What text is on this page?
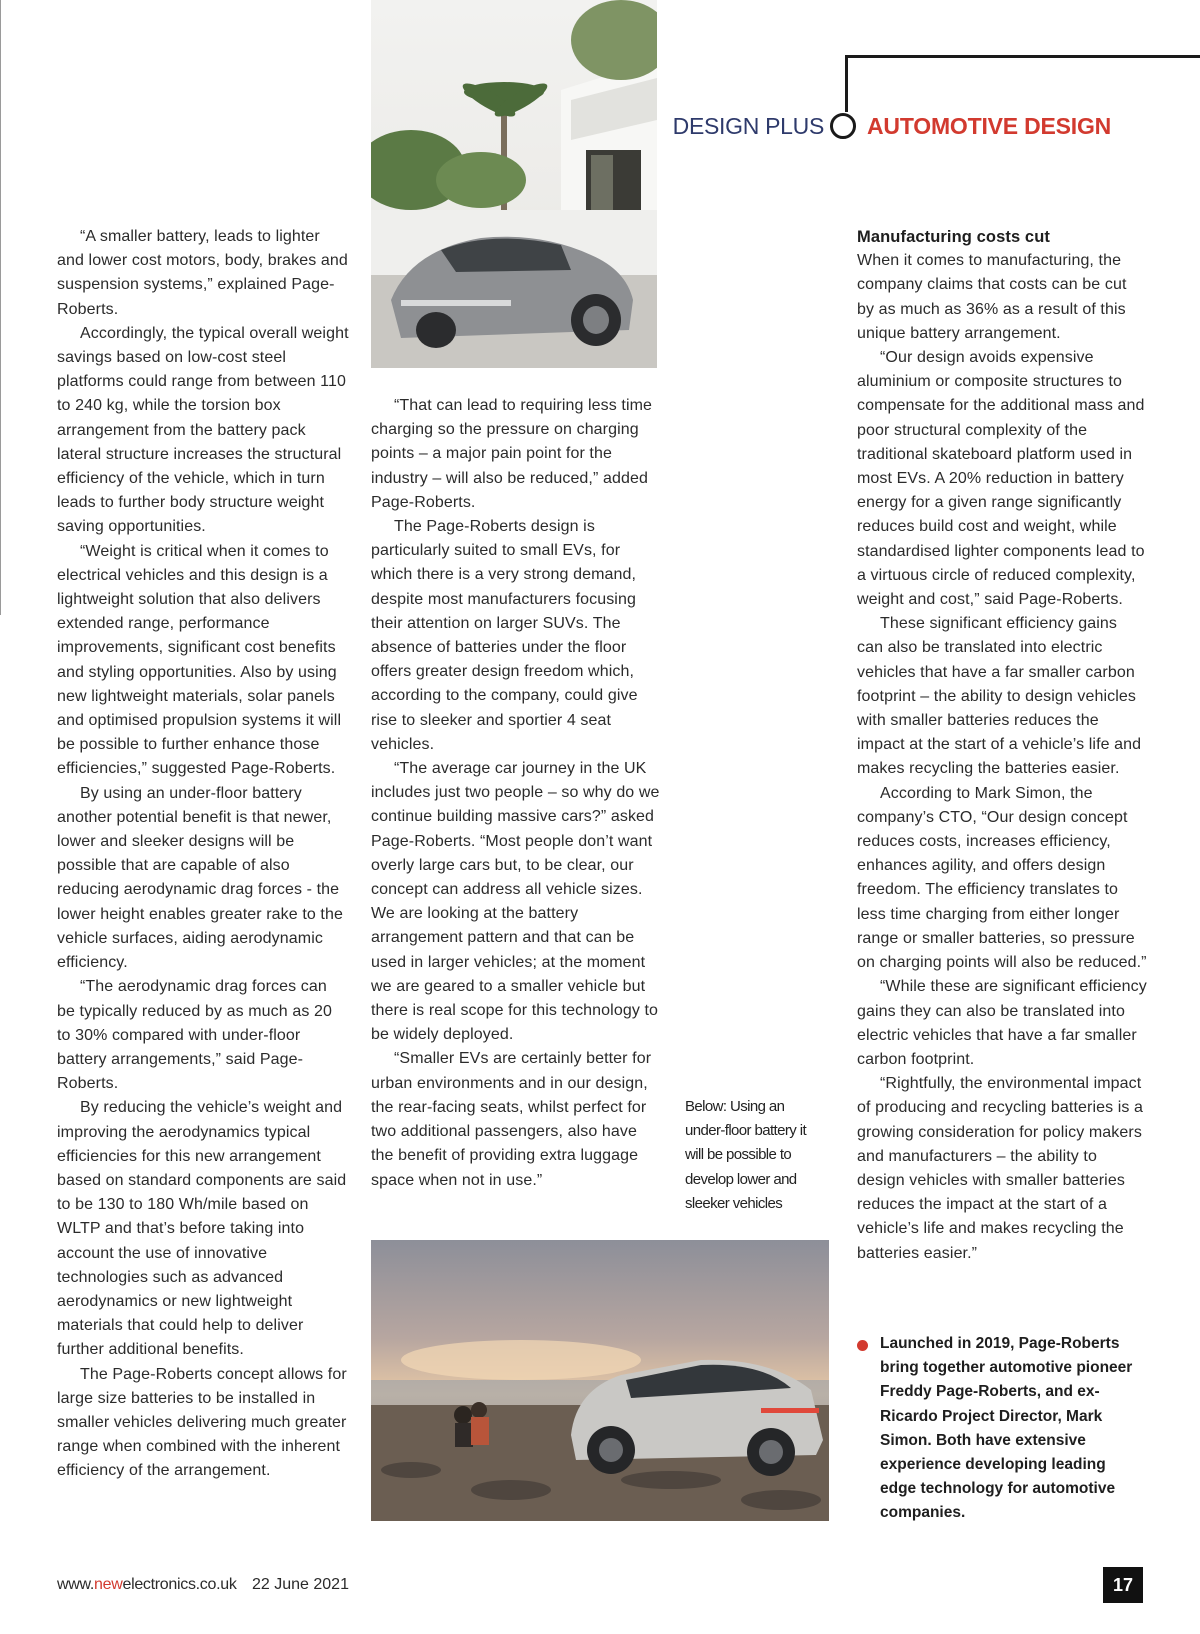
DESIGN PLUS AUTOMOTIVE DESIGN

“A smaller battery, leads to lighter and lower cost motors, body, brakes and suspension systems,” explained Page-Roberts.

Accordingly, the typical overall weight savings based on low-cost steel platforms could range from between 110 to 240 kg, while the torsion box arrangement from the battery pack lateral structure increases the structural efficiency of the vehicle, which in turn leads to further body structure weight saving opportunities.

“Weight is critical when it comes to electrical vehicles and this design is a lightweight solution that also delivers extended range, performance improvements, significant cost benefits and styling opportunities. Also by using new lightweight materials, solar panels and optimised propulsion systems it will be possible to further enhance those efficiencies,” suggested Page-Roberts.

By using an under-floor battery another potential benefit is that newer, lower and sleeker designs will be possible that are capable of also reducing aerodynamic drag forces - the lower height enables greater rake to the vehicle surfaces, aiding aerodynamic efficiency.

“The aerodynamic drag forces can be typically reduced by as much as 20 to 30% compared with under-floor battery arrangements,” said Page-Roberts.

By reducing the vehicle’s weight and improving the aerodynamics typical efficiencies for this new arrangement based on standard components are said to be 130 to 180 Wh/mile based on WLTP and that’s before taking into account the use of innovative technologies such as advanced aerodynamics or new lightweight materials that could help to deliver further additional benefits.

The Page-Roberts concept allows for large size batteries to be installed in smaller vehicles delivering much greater range when combined with the inherent efficiency of the arrangement.

“That can lead to requiring less time charging so the pressure on charging points – a major pain point for the industry – will also be reduced,” added Page-Roberts.

The Page-Roberts design is particularly suited to small EVs, for which there is a very strong demand, despite most manufacturers focusing their attention on larger SUVs. The absence of batteries under the floor offers greater design freedom which, according to the company, could give rise to sleeker and sportier 4 seat vehicles.

“The average car journey in the UK includes just two people – so why do we continue building massive cars?” asked Page-Roberts. “Most people don’t want overly large cars but, to be clear, our concept can address all vehicle sizes. We are looking at the battery arrangement pattern and that can be used in larger vehicles; at the moment we are geared to a smaller vehicle but there is real scope for this technology to be widely deployed.

“Smaller EVs are certainly better for urban environments and in our design, the rear-facing seats, whilst perfect for two additional passengers, also have the benefit of providing extra luggage space when not in use.”

Below: Using an under-floor battery it will be possible to develop lower and sleeker vehicles

Manufacturing costs cut

When it comes to manufacturing, the company claims that costs can be cut by as much as 36% as a result of this unique battery arrangement.

“Our design avoids expensive aluminium or composite structures to compensate for the additional mass and poor structural complexity of the traditional skateboard platform used in most EVs. A 20% reduction in battery energy for a given range significantly reduces build cost and weight, while standardised lighter components lead to a virtuous circle of reduced complexity, weight and cost,” said Page-Roberts.

These significant efficiency gains can also be translated into electric vehicles that have a far smaller carbon footprint – the ability to design vehicles with smaller batteries reduces the impact at the start of a vehicle’s life and makes recycling the batteries easier.

According to Mark Simon, the company’s CTO, “Our design concept reduces costs, increases efficiency, enhances agility, and offers design freedom. The efficiency translates to less time charging from either longer range or smaller batteries, so pressure on charging points will also be reduced.”

“While these are significant efficiency gains they can also be translated into electric vehicles that have a far smaller carbon footprint.

“Rightfully, the environmental impact of producing and recycling batteries is a growing consideration for policy makers and manufacturers – the ability to design vehicles with smaller batteries reduces the impact at the start of a vehicle’s life and makes recycling the batteries easier.”

Launched in 2019, Page-Roberts bring together automotive pioneer Freddy Page-Roberts, and ex-Ricardo Project Director, Mark Simon. Both have extensive experience developing leading edge technology for automotive companies.
www.newelectronics.co.uk 22 June 2021	17
